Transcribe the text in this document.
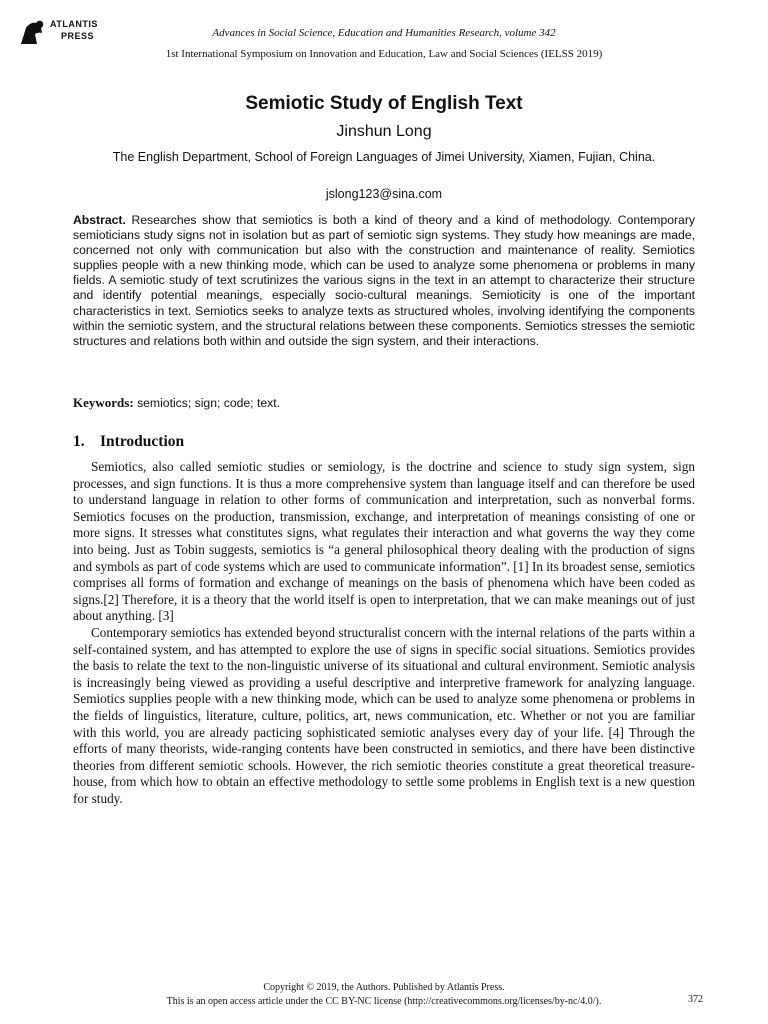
ATLANTIS
PRESS	Advances in Social Science, Education and Humanities Research, volume 342
1st International Symposium on Innovation and Education, Law and Social Sciences (IELSS 2019)
Semiotic Study of English Text
Jinshun Long
The English Department, School of Foreign Languages of Jimei University, Xiamen, Fujian, China.
jslong123@sina.com
Abstract. Researches show that semiotics is both a kind of theory and a kind of methodology. Contemporary semioticians study signs not in isolation but as part of semiotic sign systems. They study how meanings are made, concerned not only with communication but also with the construction and maintenance of reality. Semiotics supplies people with a new thinking mode, which can be used to analyze some phenomena or problems in many fields. A semiotic study of text scrutinizes the various signs in the text in an attempt to characterize their structure and identify potential meanings, especially socio-cultural meanings. Semioticity is one of the important characteristics in text. Semiotics seeks to analyze texts as structured wholes, involving identifying the components within the semiotic system, and the structural relations between these components. Semiotics stresses the semiotic structures and relations both within and outside the sign system, and their interactions.
Keywords: semiotics; sign; code; text.
1. Introduction

Semiotics, also called semiotic studies or semiology, is the doctrine and science to study sign system, sign processes, and sign functions. It is thus a more comprehensive system than language itself and can therefore be used to understand language in relation to other forms of communication and interpretation, such as nonverbal forms. Semiotics focuses on the production, transmission, exchange, and interpretation of meanings consisting of one or more signs. It stresses what constitutes signs, what regulates their interaction and what governs the way they come into being. Just as Tobin suggests, semiotics is “a general philosophical theory dealing with the production of signs and symbols as part of code systems which are used to communicate information”. [1] In its broadest sense, semiotics comprises all forms of formation and exchange of meanings on the basis of phenomena which have been coded as signs.[2] Therefore, it is a theory that the world itself is open to interpretation, that we can make meanings out of just about anything. [3]

Contemporary semiotics has extended beyond structuralist concern with the internal relations of the parts within a self-contained system, and has attempted to explore the use of signs in specific social situations. Semiotics provides the basis to relate the text to the non-linguistic universe of its situational and cultural environment. Semiotic analysis is increasingly being viewed as providing a useful descriptive and interpretive framework for analyzing language. Semiotics supplies people with a new thinking mode, which can be used to analyze some phenomena or problems in the fields of linguistics, literature, culture, politics, art, news communication, etc. Whether or not you are familiar with this world, you are already pacticing sophisticated semiotic analyses every day of your life. [4] Through the efforts of many theorists, wide-ranging contents have been constructed in semiotics, and there have been distinctive theories from different semiotic schools. However, the rich semiotic theories constitute a great theoretical treasure-house, from which how to obtain an effective methodology to settle some problems in English text is a new question for study.

Copyright © 2019, the Authors. Published by Atlantis Press.
This is an open access article under the CC BY-NC license (http://creativecommons.org/licenses/by-nc/4.0/).	372
